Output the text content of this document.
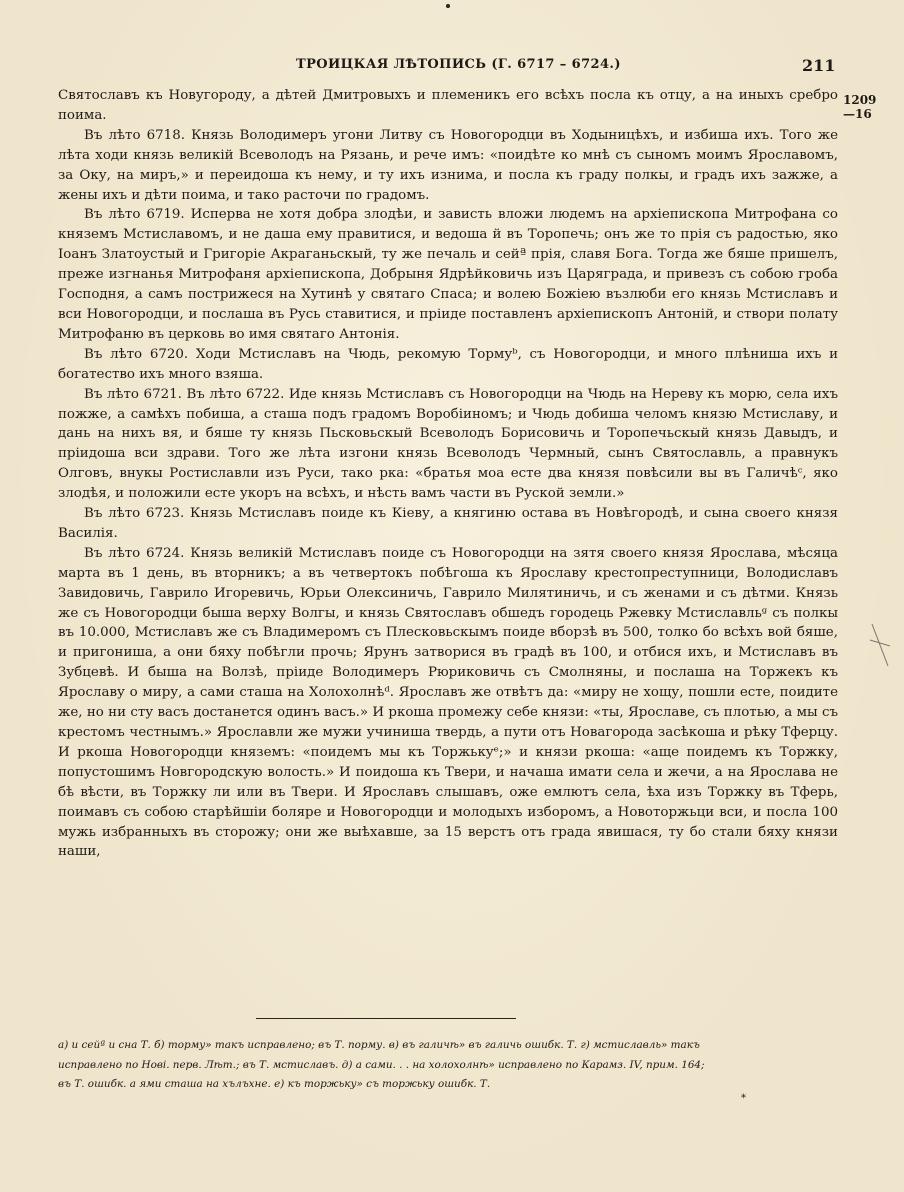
ТРОИЦКАЯ ЛѢТОПИСЬ (Г. 6717 – 6724.)	211
1209
—16

Святославъ къ Новугороду, а дѣтей Дмитровыхъ и племеникъ его всѣхъ посла къ отцу, а на иныхъ сребро поима.

Въ лѣто 6718. Князь Володимеръ угони Литву съ Новогородци въ Ходыницѣхъ, и избиша ихъ. Того же лѣта ходи князь великій Всеволодъ на Рязань, и рече имъ: «поидѣте ко мнѣ съ сыномъ моимъ Ярославомъ, за Оку, на миръ,» и переидоша къ нему, и ту ихъ изнима, и посла къ граду полкы, и градъ ихъ зажже, а жены ихъ и дѣти поима, и тако расточи по градомъ.

Въ лѣто 6719. Исперва не хотя добра злодѣи, и зависть вложи людемъ на архіепископа Митрофана со княземъ Мстиславомъ, и не даша ему правитися, и ведоша й въ Торопечь; онъ же то прія съ радостью, яко Іоанъ Златоустый и Григоріе Акраганьскый, ту же печаль и сейª прія, славя Бога. Тогда же бяше пришелъ, преже изгнанья Митрофаня архіепископа, Добрыня Ядрѣйковичь изъ Царяграда, и привезъ съ собою гроба Господня, а самъ пострижеся на Хутинѣ у святаго Спаса; и волею Божіею възлюби его князь Мстиславъ и вси Новогородци, и послаша въ Русь ставитися, и пріиде поставленъ архіепископъ Антоній, и створи полату Митрофаню въ церковь во имя святаго Антонія.

Въ лѣто 6720. Ходи Мстиславъ на Чюдь, рекомую Тормуᵇ, съ Новогородци, и много плѣниша ихъ и богатество ихъ много взяша.

Въ лѣто 6721. Въ лѣто 6722. Иде князь Мстиславъ съ Новогородци на Чюдь на Нереву къ морю, села ихъ пожже, а самѣхъ побиша, а сташа подъ градомъ Воробіиномъ; и Чюдь добиша челомъ князю Мстиславу, и дань на нихъ вя, и бяше ту князь Пьсковьскый Всеволодъ Борисовичь и Торопечьскый князь Давыдъ, и пріидоша вси здрави. Того же лѣта изгони князь Всеволодъ Чермный, сынъ Святославль, а правнукъ Олговъ, внукы Ростиславли изъ Руси, тако рка: «братья моа есте два князя повѣсили вы въ Галичѣᶜ, яко злодѣя, и положили есте укоръ на всѣхъ, и нѣсть вамъ части въ Руской земли.»

Въ лѣто 6723. Князь Мстиславъ поиде къ Кіеву, а княгиню остава въ Новѣгородѣ, и сына своего князя Василія.

Въ лѣто 6724. Князь великій Мстиславъ поиде съ Новогородци на зятя своего князя Ярослава, мѣсяца марта въ 1 день, въ вторникъ; а въ четвертокъ побѣгоша къ Ярославу крестопреступници, Володиславъ Завидовичь, Гаврило Игоревичь, Юрьи Олексиничь, Гаврило Милятиничь, и съ женами и съ дѣтми. Князь же съ Новогородци быша верху Волгы, и князь Святославъ обшедъ городець Ржевку Мстиславльᵍ съ полкы въ 10.000, Мстиславъ же съ Владимеромъ съ Плесковьскымъ поиде вборзѣ въ 500, толко бо всѣхъ вой бяше, и пригониша, а они бяху побѣгли прочь; Ярунъ затворися въ градѣ въ 100, и отбися ихъ, и Мстиславъ въ Зубцевѣ. И быша на Волзѣ, пріиде Володимеръ Рюриковичь съ Смолняны, и послаша на Торжекъ къ Ярославу о миру, а сами сташа на Холохолнѣᵈ. Ярославъ же отвѣтъ да: «миру не хощу, пошли есте, поидите же, но ни сту васъ достанется одинъ васъ.» И ркоша промежу себе князи: «ты, Ярославе, съ плотью, а мы съ крестомъ честнымъ.» Ярославли же мужи учиниша твердь, а пути отъ Новагорода засѣкоша и рѣку Тферцу. И ркоша Новогородци княземъ: «поидемъ мы къ Торжькуᵉ;» и князи ркоша: «аще поидемъ къ Торжку, попустошимъ Новгородскую волость.» И поидоша къ Твери, и начаша имати села и жечи, а на Ярослава не бѣ вѣсти, въ Торжку ли или въ Твери. И Ярославъ слышавъ, оже емлютъ села, ѣха изъ Торжку въ Тферь, поимавъ съ собою старѣйшіи боляре и Новогородци и молодыхъ изборомъ, а Новоторжьци вси, и посла 100 мужь избранныхъ въ сторожу; они же выѣхавше, за 15 верстъ отъ града явишася, ту бо стали бяху князи наши,

а) и сейª и сна Т. б) торму» такъ исправлено; въ Т. порму. в) въ галичѣ» въ галичь ошибк. Т. г) мстиславль» такъ
исправлено по Нові. перв. Лѣт.; въ Т. мстиславъ. д) а сами. . . на холохолнѣ» исправлено по Карамз. IV, прим. 164;
въ Т. ошибк. а ями сташа на хълъхне. е) къ торжьку» съ торжьку ошибк. Т.
*
